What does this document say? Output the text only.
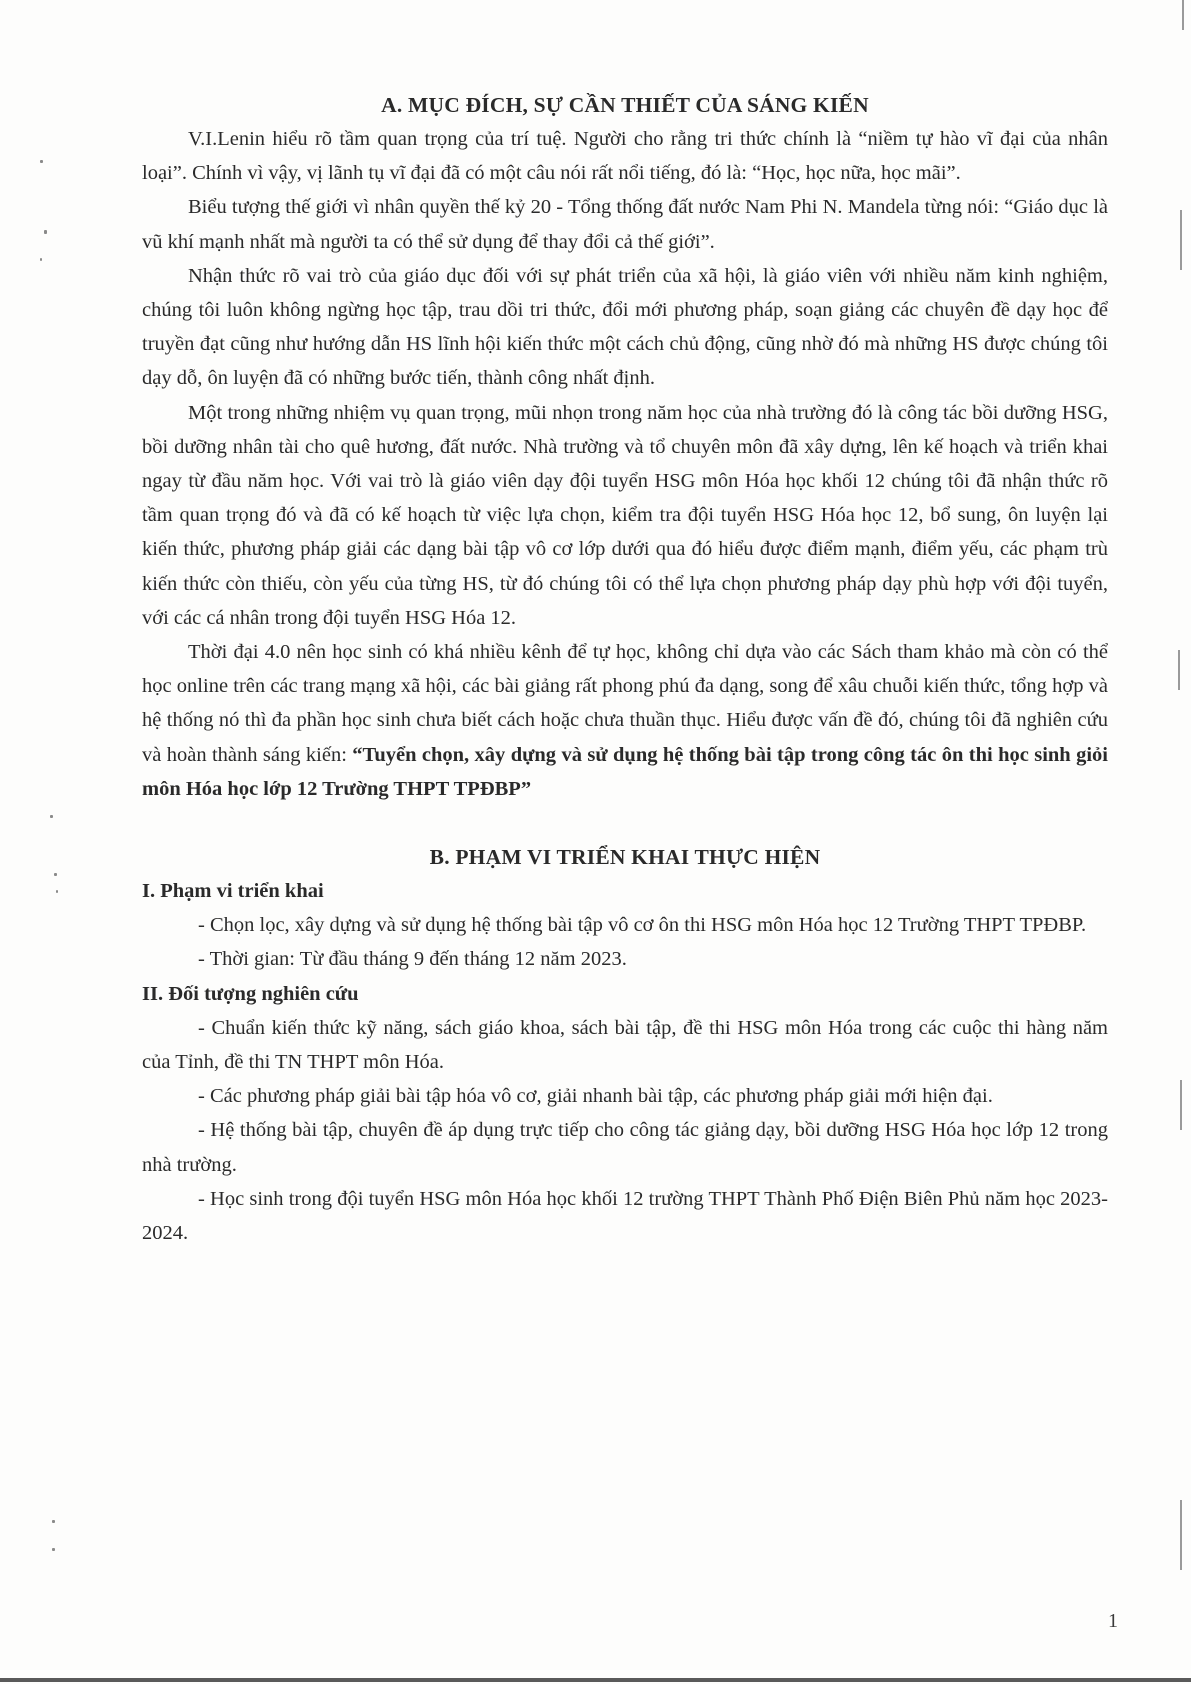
A. MỤC ĐÍCH, SỰ CẦN THIẾT CỦA SÁNG KIẾN

V.I.Lenin hiểu rõ tầm quan trọng của trí tuệ. Người cho rằng tri thức chính là “niềm tự hào vĩ đại của nhân loại”. Chính vì vậy, vị lãnh tụ vĩ đại đã có một câu nói rất nổi tiếng, đó là: “Học, học nữa, học mãi”.

Biểu tượng thế giới vì nhân quyền thế kỷ 20 - Tổng thống đất nước Nam Phi N. Mandela từng nói: “Giáo dục là vũ khí mạnh nhất mà người ta có thể sử dụng để thay đổi cả thế giới”.

Nhận thức rõ vai trò của giáo dục đối với sự phát triển của xã hội, là giáo viên với nhiều năm kinh nghiệm, chúng tôi luôn không ngừng học tập, trau dồi tri thức, đổi mới phương pháp, soạn giảng các chuyên đề dạy học để truyền đạt cũng như hướng dẫn HS lĩnh hội kiến thức một cách chủ động, cũng nhờ đó mà những HS được chúng tôi dạy dỗ, ôn luyện đã có những bước tiến, thành công nhất định.

Một trong những nhiệm vụ quan trọng, mũi nhọn trong năm học của nhà trường đó là công tác bồi dưỡng HSG, bồi dưỡng nhân tài cho quê hương, đất nước. Nhà trường và tổ chuyên môn đã xây dựng, lên kế hoạch và triển khai ngay từ đầu năm học. Với vai trò là giáo viên dạy đội tuyển HSG môn Hóa học khối 12 chúng tôi đã nhận thức rõ tầm quan trọng đó và đã có kế hoạch từ việc lựa chọn, kiểm tra đội tuyển HSG Hóa học 12, bổ sung, ôn luyện lại kiến thức, phương pháp giải các dạng bài tập vô cơ lớp dưới qua đó hiểu được điểm mạnh, điểm yếu, các phạm trù kiến thức còn thiếu, còn yếu của từng HS, từ đó chúng tôi có thể lựa chọn phương pháp dạy phù hợp với đội tuyển, với các cá nhân trong đội tuyển HSG Hóa 12.

Thời đại 4.0 nên học sinh có khá nhiều kênh để tự học, không chỉ dựa vào các Sách tham khảo mà còn có thể học online trên các trang mạng xã hội, các bài giảng rất phong phú đa dạng, song để xâu chuỗi kiến thức, tổng hợp và hệ thống nó thì đa phần học sinh chưa biết cách hoặc chưa thuần thục. Hiểu được vấn đề đó, chúng tôi đã nghiên cứu và hoàn thành sáng kiến: “Tuyển chọn, xây dựng và sử dụng hệ thống bài tập trong công tác ôn thi học sinh giỏi môn Hóa học lớp 12 Trường THPT TPĐBP”

B. PHẠM VI TRIỂN KHAI THỰC HIỆN

I. Phạm vi triển khai

- Chọn lọc, xây dựng và sử dụng hệ thống bài tập vô cơ ôn thi HSG môn Hóa học 12 Trường THPT TPĐBP.

- Thời gian: Từ đầu tháng 9 đến tháng 12 năm 2023.

II. Đối tượng nghiên cứu

- Chuẩn kiến thức kỹ năng, sách giáo khoa, sách bài tập, đề thi HSG môn Hóa trong các cuộc thi hàng năm của Tỉnh, đề thi TN THPT môn Hóa.

- Các phương pháp giải bài tập hóa vô cơ, giải nhanh bài tập, các phương pháp giải mới hiện đại.

- Hệ thống bài tập, chuyên đề áp dụng trực tiếp cho công tác giảng dạy, bồi dưỡng HSG Hóa học lớp 12 trong nhà trường.

- Học sinh trong đội tuyển HSG môn Hóa học khối 12 trường THPT Thành Phố Điện Biên Phủ năm học 2023-2024.

1
